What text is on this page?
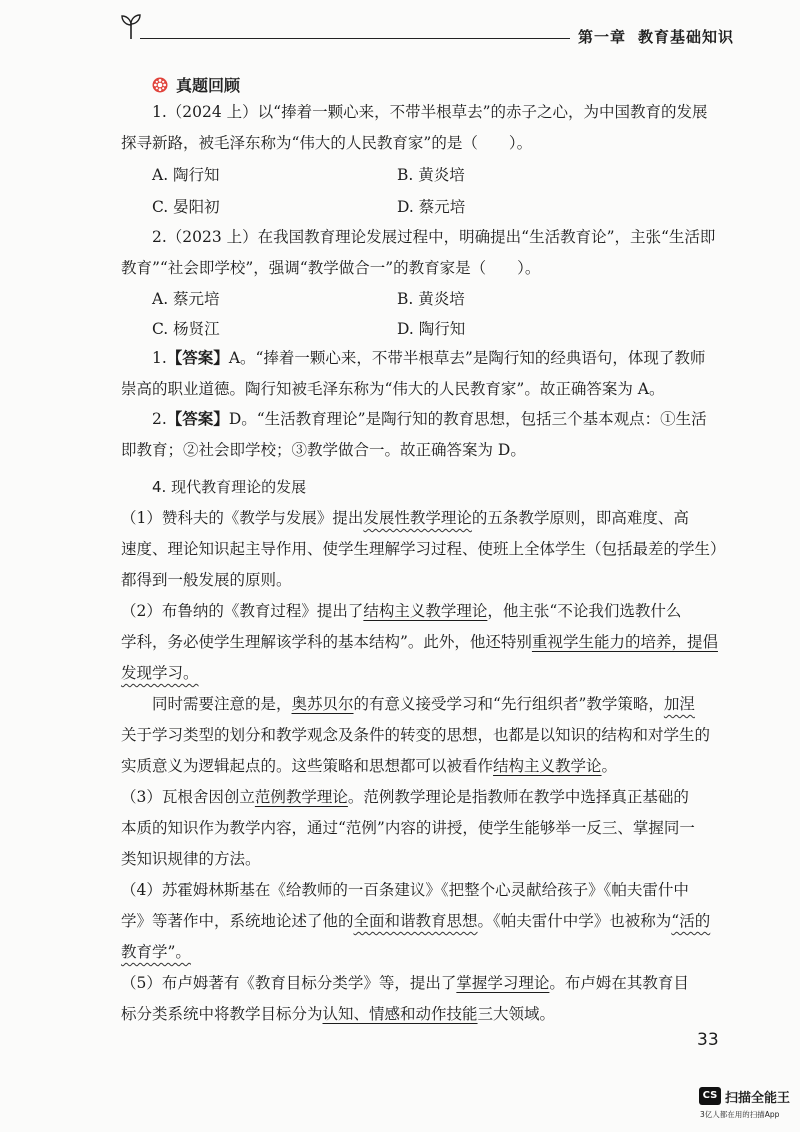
第一章 教育基础知识
真题回顾
1.（2024 上）以“捧着一颗心来，不带半根草去”的赤子之心，为中国教育的发展
探寻新路，被毛泽东称为“伟大的人民教育家”的是（　　）。
A. 陶行知	B. 黄炎培
C. 晏阳初	D. 蔡元培
2.（2023 上）在我国教育理论发展过程中，明确提出“生活教育论”，主张“生活即
教育”“社会即学校”，强调“教学做合一”的教育家是（　　）。
A. 蔡元培	B. 黄炎培
C. 杨贤江	D. 陶行知
1.【答案】A。“捧着一颗心来，不带半根草去”是陶行知的经典语句，体现了教师
崇高的职业道德。陶行知被毛泽东称为“伟大的人民教育家”。故正确答案为 A。
2.【答案】D。“生活教育理论”是陶行知的教育思想，包括三个基本观点：①生活
即教育；②社会即学校；③教学做合一。故正确答案为 D。
4. 现代教育理论的发展
（1）赞科夫的《教学与发展》提出发展性教学理论的五条教学原则，即高难度、高
速度、理论知识起主导作用、使学生理解学习过程、使班上全体学生（包括最差的学生）
都得到一般发展的原则。
（2）布鲁纳的《教育过程》提出了结构主义教学理论，他主张“不论我们选教什么
学科，务必使学生理解该学科的基本结构”。此外，他还特别重视学生能力的培养，提倡
发现学习。
同时需要注意的是，奥苏贝尔的有意义接受学习和“先行组织者”教学策略，加涅
关于学习类型的划分和教学观念及条件的转变的思想，也都是以知识的结构和对学生的
实质意义为逻辑起点的。这些策略和思想都可以被看作结构主义教学论。
（3）瓦根舍因创立范例教学理论。范例教学理论是指教师在教学中选择真正基础的
本质的知识作为教学内容，通过“范例”内容的讲授，使学生能够举一反三、掌握同一
类知识规律的方法。
（4）苏霍姆林斯基在《给教师的一百条建议》《把整个心灵献给孩子》《帕夫雷什中
学》等著作中，系统地论述了他的全面和谐教育思想。《帕夫雷什中学》也被称为“活的
教育学”。
（5）布卢姆著有《教育目标分类学》等，提出了掌握学习理论。布卢姆在其教育目
标分类系统中将教学目标分为认知、情感和动作技能三大领域。
33
CS 扫描全能王
3亿人都在用的扫描App
